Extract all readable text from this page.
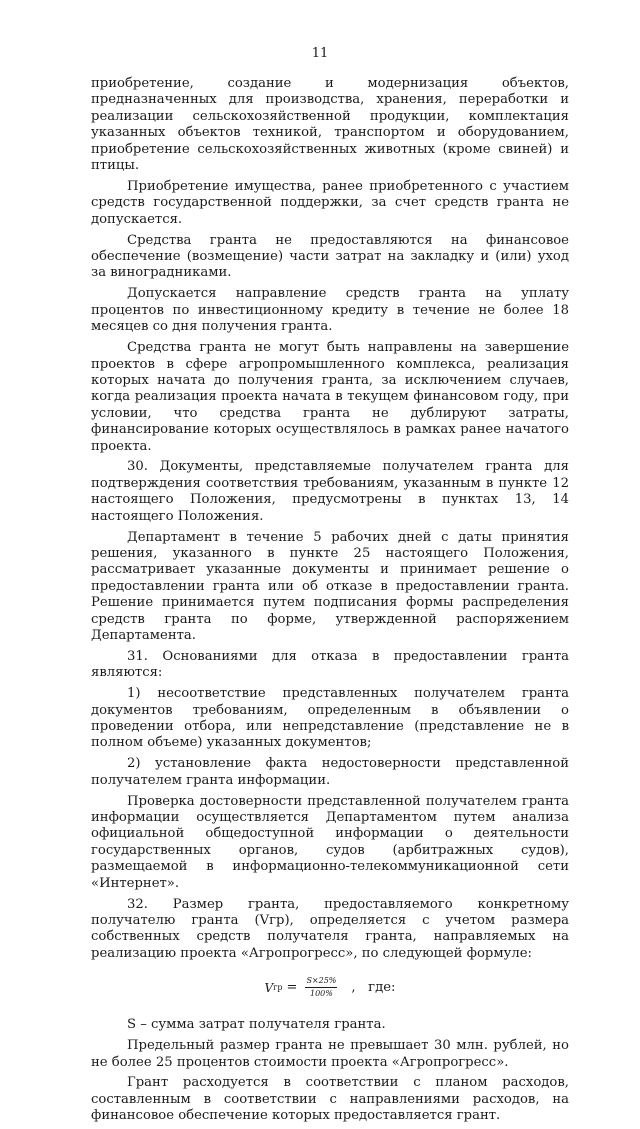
11

приобретение, создание и модернизация объектов, предназначенных для производства, хранения, переработки и реализации сельскохозяйственной продукции, комплектация указанных объектов техникой, транспортом и оборудованием, приобретение сельскохозяйственных животных (кроме свиней) и птицы.

Приобретение имущества, ранее приобретенного с участием средств государственной поддержки, за счет средств гранта не допускается.

Средства гранта не предоставляются на финансовое обеспечение (возмещение) части затрат на закладку и (или) уход за виноградниками.

Допускается направление средств гранта на уплату процентов по инвестиционному кредиту в течение не более 18 месяцев со дня получения гранта.

Средства гранта не могут быть направлены на завершение проектов в сфере агропромышленного комплекса, реализация которых начата до получения гранта, за исключением случаев, когда реализация проекта начата в текущем финансовом году, при условии, что средства гранта не дублируют затраты, финансирование которых осуществлялось в рамках ранее начатого проекта.

30. Документы, представляемые получателем гранта для подтверждения соответствия требованиям, указанным в пункте 12 настоящего Положения, предусмотрены в пунктах 13, 14 настоящего Положения.

Департамент в течение 5 рабочих дней с даты принятия решения, указанного в пункте 25 настоящего Положения, рассматривает указанные документы и принимает решение о предоставлении гранта или об отказе в предоставлении гранта. Решение принимается путем подписания формы распределения средств гранта по форме, утвержденной распоряжением Департамента.

31. Основаниями для отказа в предоставлении гранта являются:

1) несоответствие представленных получателем гранта документов требованиям, определенным в объявлении о проведении отбора, или непредставление (представление не в полном объеме) указанных документов;

2) установление факта недостоверности представленной получателем гранта информации.

Проверка достоверности представленной получателем гранта информации осуществляется Департаментом путем анализа официальной общедоступной информации о деятельности государственных органов, судов (арбитражных судов), размещаемой в информационно-телекоммуникационной сети «Интернет».

32. Размер гранта, предоставляемого конкретному получателю гранта (Vгр), определяется с учетом размера собственных средств получателя гранта, направляемых на реализацию проекта «Агропрогресс», по следующей формуле:

V гр = $\frac{S\times 25\%}{100\%}$ ,   где:

S – сумма затрат получателя гранта.

Предельный размер гранта не превышает 30 млн. рублей, но не более 25 процентов стоимости проекта «Агропрогресс».

Грант расходуется в соответствии с планом расходов, составленным в соответствии с направлениями расходов, на финансовое обеспечение которых предоставляется грант.
